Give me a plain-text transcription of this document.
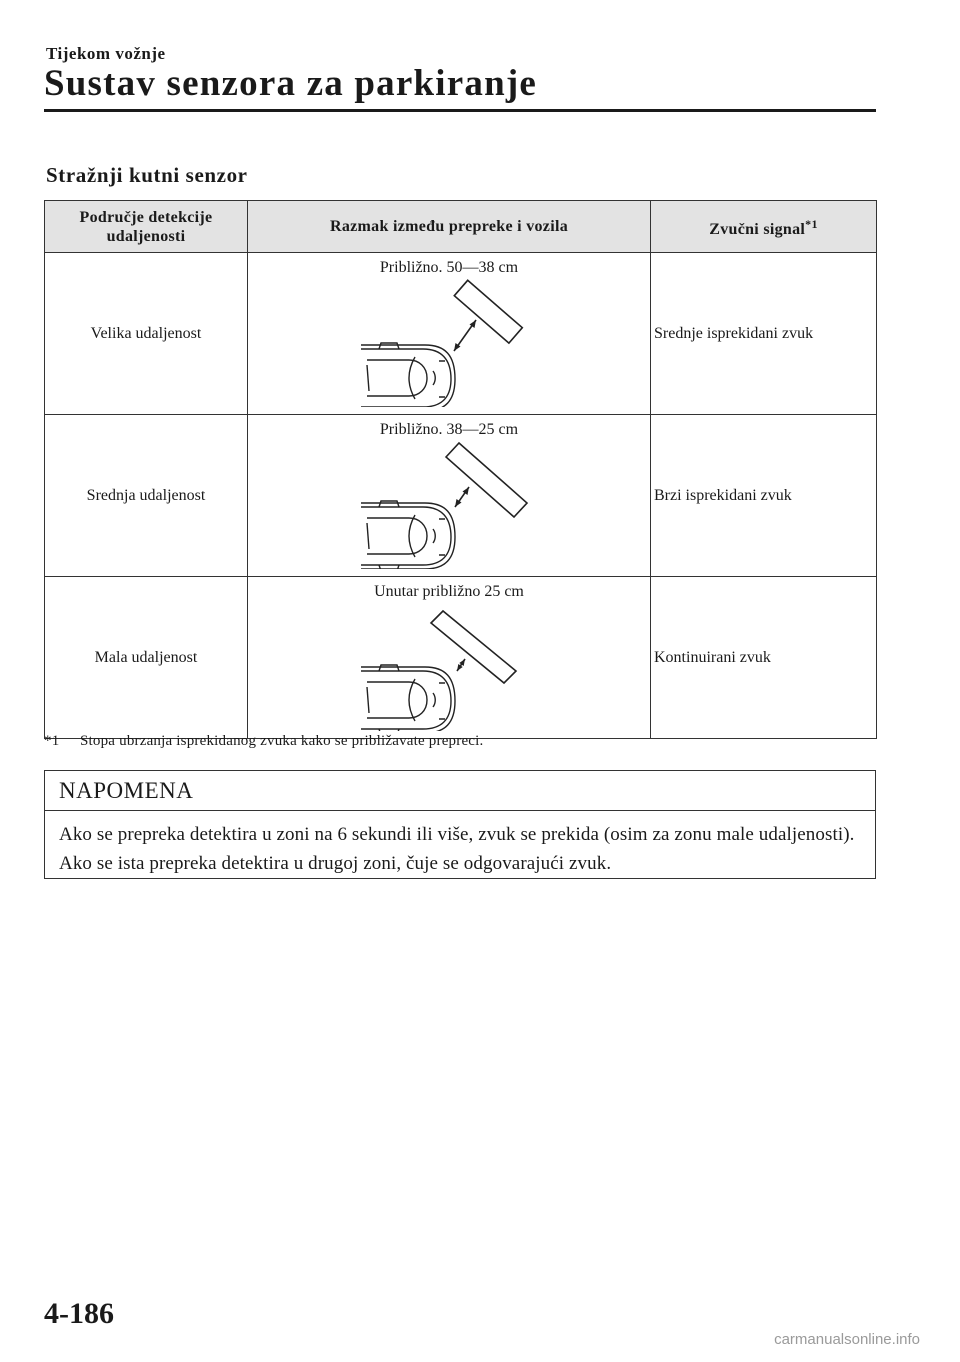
Tijekom vožnje
Sustav senzora za parkiranje
Stražnji kutni senzor
Područje detekcije
udaljenosti	Razmak između prepreke i vozila	Zvučni signal$^{*1}$
Velika udaljenost	Približno. 50—38 cm	Srednje isprekidani zvuk
Srednja udaljenost	Približno. 38—25 cm	Brzi isprekidani zvuk
Mala udaljenost	Unutar približno 25 cm	Kontinuirani zvuk
*1 Stopa ubrzanja isprekidanog zvuka kako se približavate prepreci.
NAPOMENA
Ako se prepreka detektira u zoni na 6 sekundi ili više, zvuk se prekida (osim za zonu male udaljenosti). Ako se ista prepreka detektira u drugoj zoni, čuje se odgovarajući zvuk.
4-186
carmanualsonline.info
